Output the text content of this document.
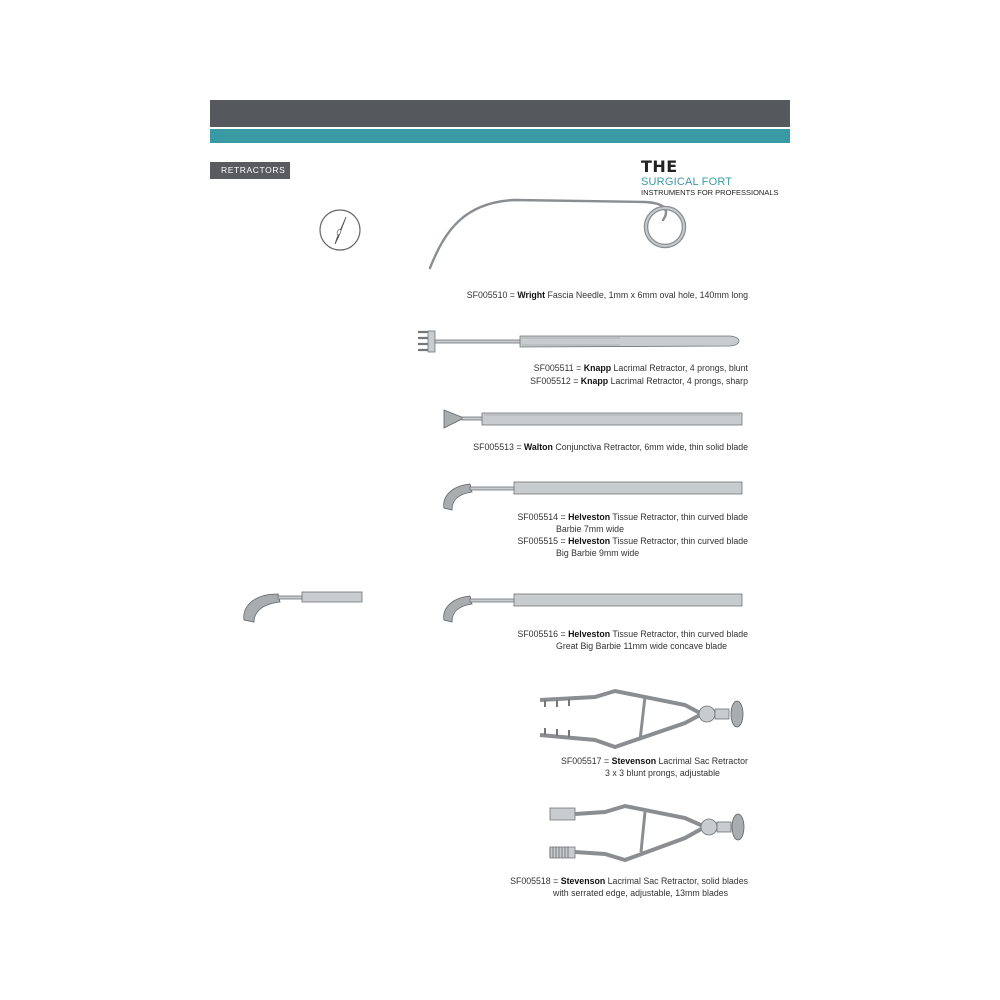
RETRACTORS	THE
SURGICAL FORT
INSTRUMENTS FOR PROFESSIONALS
SF005510 = Wright Fascia Needle, 1mm x 6mm oval hole, 140mm long
SF005511 = Knapp Lacrimal Retractor, 4 prongs, blunt
SF005512 = Knapp Lacrimal Retractor, 4 prongs, sharp
SF005513 = Walton Conjunctiva Retractor, 6mm wide, thin solid blade
SF005514 = Helveston Tissue Retractor, thin curved blade
Barbie 7mm wide
SF005515 = Helveston Tissue Retractor, thin curved blade
Big Barbie 9mm wide
SF005516 = Helveston Tissue Retractor, thin curved blade
Great Big Barbie 11mm wide concave blade
SF005517 = Stevenson Lacrimal Sac Retractor
3 x 3 blunt prongs, adjustable
SF005518 = Stevenson Lacrimal Sac Retractor, solid blades
with serrated edge, adjustable, 13mm blades
